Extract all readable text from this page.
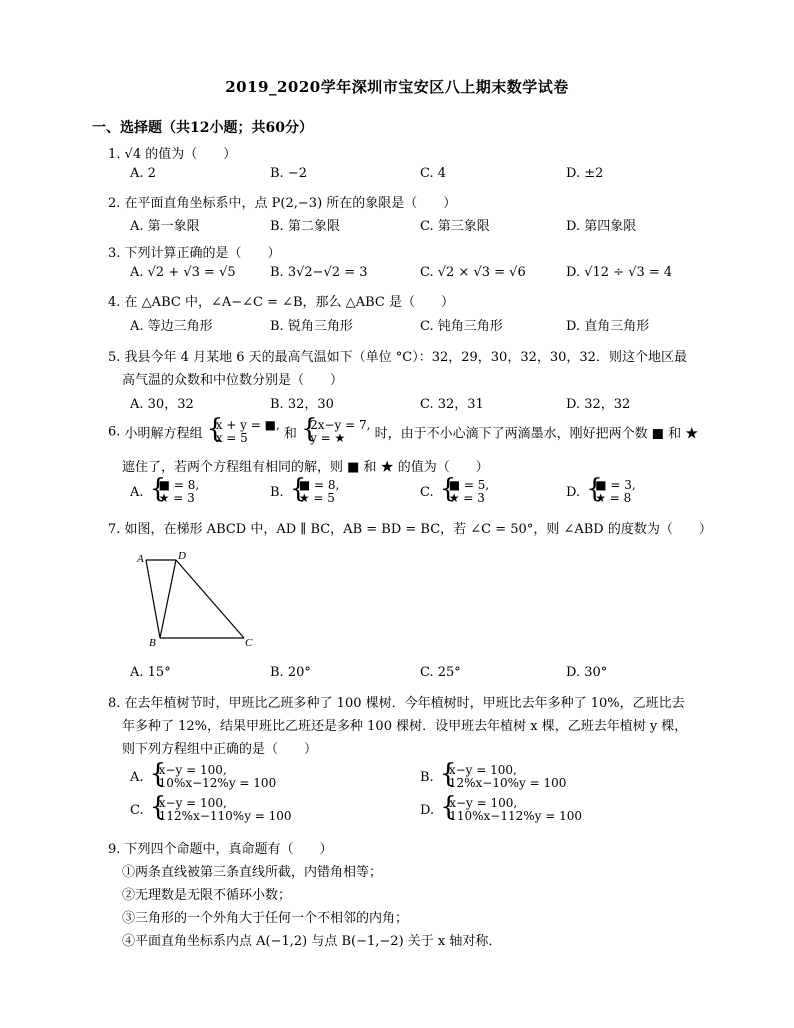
2019_2020学年深圳市宝安区八上期末数学试卷
一、选择题（共12小题；共60分）
1. √4 的值为（　　）
A. 2	B. −2	C. 4	D. ±2
2. 在平面直角坐标系中，点 P(2,−3) 所在的象限是（　　）
A. 第一象限	B. 第二象限	C. 第三象限	D. 第四象限
3. 下列计算正确的是（　　）
A. √2 + √3 = √5	B. 3√2−√2 = 3	C. √2 × √3 = √6	D. √12 ÷ √3 = 4
4. 在 △ABC 中，∠A−∠C = ∠B，那么 △ABC 是（　　）
A. 等边三角形	B. 锐角三角形	C. 钝角三角形	D. 直角三角形
5. 我县今年 4 月某地 6 天的最高气温如下（单位 °C）：32，29，30，32，30，32．则这个地区最
高气温的众数和中位数分别是（　　）
A. 30，32	B. 32，30	C. 32，31	D. 32，32
6. 小明解方程组
{ x + y = ■,
x = 5	和
{ 2x−y = 7,
y = ★	时，由于不小心滴下了两滴墨水，刚好把两个数 ■ 和 ★
遮住了，若两个方程组有相同的解，则 ■ 和 ★ 的值为（　　）
A. { ■ = 8,
★ = 3	B. { ■ = 8,
★ = 5	C. { ■ = 5,
★ = 3	D. { ■ = 3,
★ = 8
7. 如图，在梯形 ABCD 中，AD ∥ BC，AB = BD = BC，若 ∠C = 50°，则 ∠ABD 的度数为（　　）
A	D
B	C
A. 15°	B. 20°	C. 25°	D. 30°
8. 在去年植树节时，甲班比乙班多种了 100 棵树．今年植树时，甲班比去年多种了 10%，乙班比去
年多种了 12%，结果甲班比乙班还是多种 100 棵树．设甲班去年植树 x 棵，乙班去年植树 y 棵，
则下列方程组中正确的是（　　）
A. { x−y = 100,
10%x−12%y = 100	B. { x−y = 100,
12%x−10%y = 100
C. { x−y = 100,
112%x−110%y = 100	D. { x−y = 100,
110%x−112%y = 100
9. 下列四个命题中，真命题有（　　）
①两条直线被第三条直线所截，内错角相等；
②无理数是无限不循环小数；
③三角形的一个外角大于任何一个不相邻的内角；
④平面直角坐标系内点 A(−1,2) 与点 B(−1,−2) 关于 x 轴对称．
